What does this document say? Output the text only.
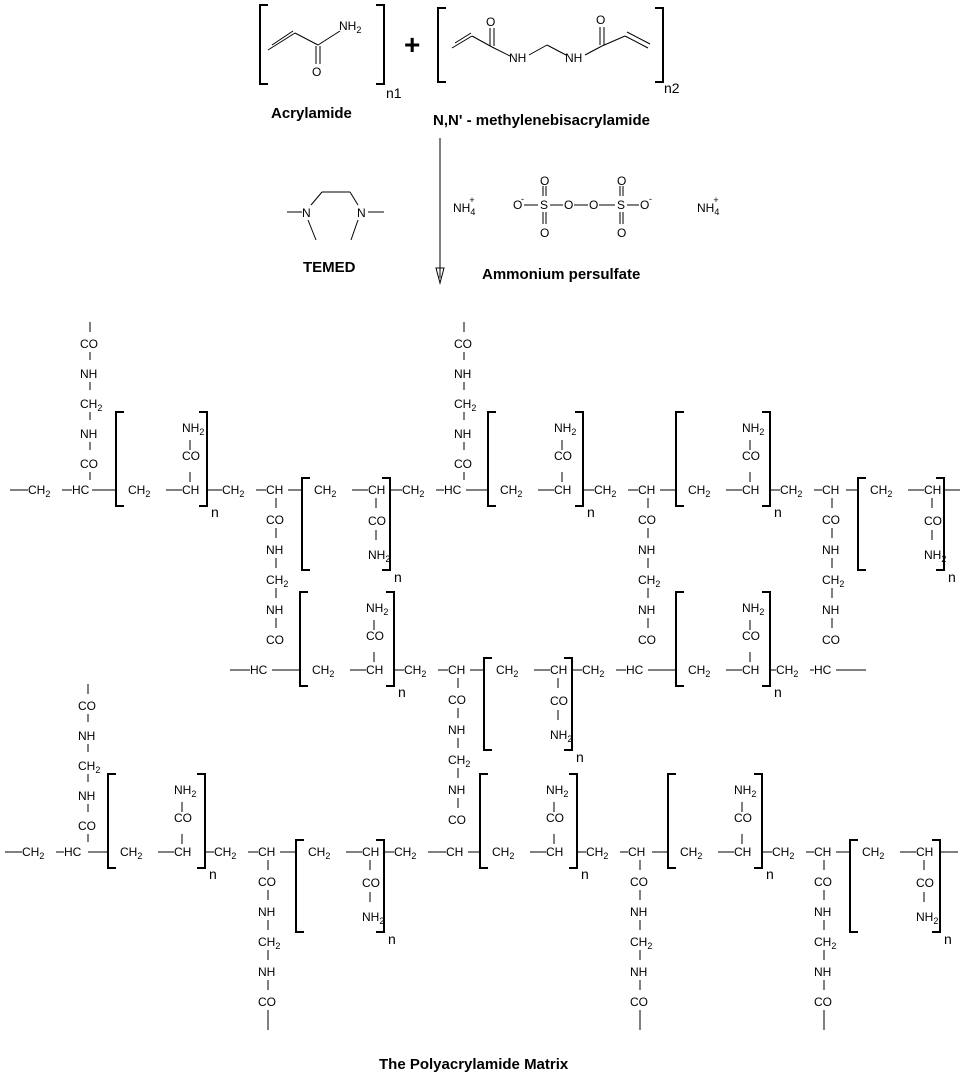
O
$NH_2$
Acrylamide
n1
+
O
NH	NH
O
n2
N,N' - methylenebisacrylamide
N	N
TEMED
$NH_4+$	O
- S
O
O
O O S
O
O
O -
$NH_4+$
Ammonium persulfate
$CH_2$ HC
CO
NH
$CH_2$
NH
CO
$CH_2$	CH
CO
$NH_2$
n
$CH_2$ CH
CO
NH
$CH_2$
NH
CO
$CH_2$	CH
CO
$NH_2$
n
$CH_2$ HC
CO
NH
$CH_2$
NH
CO
$CH_2$	CH
CO
$NH_2$
n
$CH_2$ CH
CO
NH
$CH_2$
NH
CO
$CH_2$	CH
CO
$NH_2$
n
$CH_2$ CH
CO
NH
$CH_2$
NH
CO
$CH_2$	CH
CO
$NH_2$
n
HC	$CH_2$	CH
CO
$NH_2$
n
$CH_2$ CH
CO
NH
$CH_2$
NH
CO
$CH_2$	CH
CO
$NH_2$
n
$CH_2$ HC	$CH_2$	CH
CO
$NH_2$
n
$CH_2$ HC
$CH_2$ HC
CO
NH
$CH_2$
NH
CO
$CH_2$	CH
CO
$NH_2$
n
$CH_2$ CH
CO
NH
$CH_2$
NH
CO
$CH_2$	CH
CO
$NH_2$
n
$CH_2$ CH $CH_2$	CH
CO
$NH_2$
n
$CH_2$ CH
CO
NH
$CH_2$
NH
CO
$CH_2$	CH
CO
$NH_2$
n
$CH_2$ CH
CO
NH
$CH_2$
NH
CO
$CH_2$	CH
CO
$NH_2$
n
The Polyacrylamide Matrix
